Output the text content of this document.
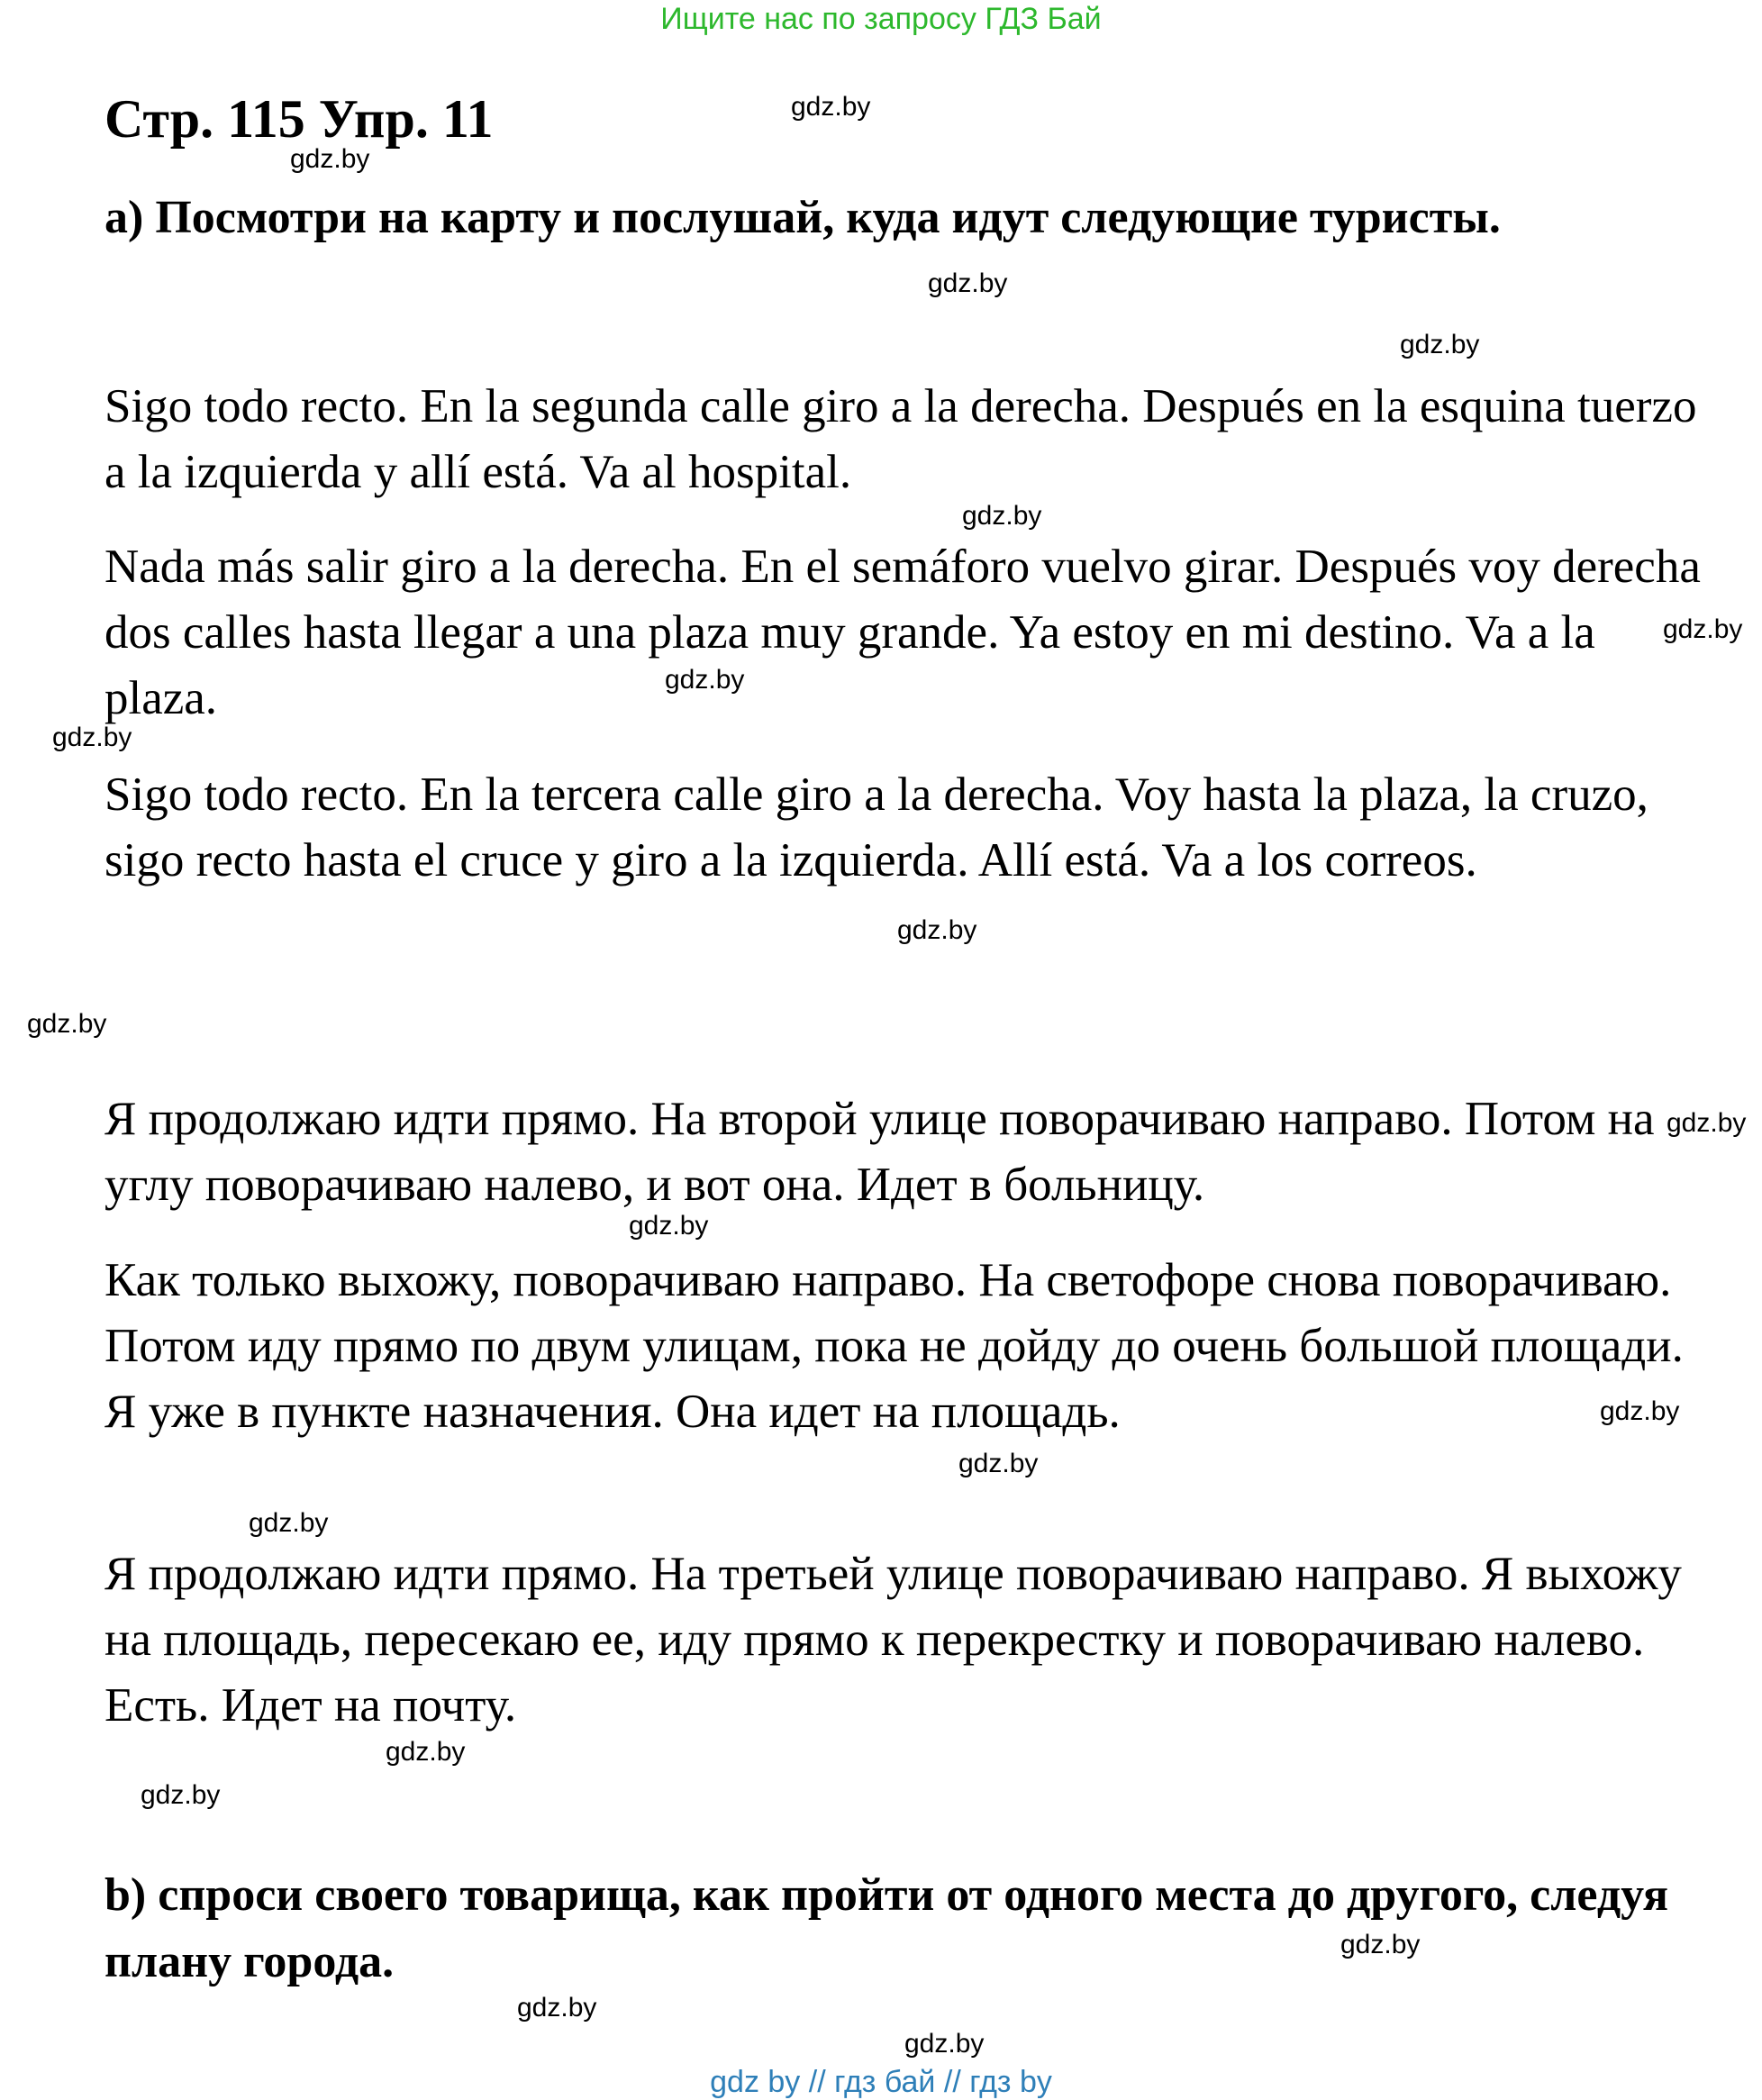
Ищите нас по запросу ГДЗ Бай
Стр. 115 Упр. 11

a) Посмотри на карту и послушай, куда идут следующие туристы.

Sigo todo recto. En la segunda calle giro a la derecha. Después en la esquina tuerzo a la izquierda y allí está. Va al hospital.

Nada más salir giro a la derecha. En el semáforo vuelvo girar. Después voy derecha dos calles hasta llegar a una plaza muy grande. Ya estoy en mi destino. Va a la plaza.

Sigo todo recto. En la tercera calle giro a la derecha. Voy hasta la plaza, la cruzo, sigo recto hasta el cruce y giro a la izquierda. Allí está. Va a los correos.

Я продолжаю идти прямо. На второй улице поворачиваю направо. Потом на углу поворачиваю налево, и вот она. Идет в больницу.

Как только выхожу, поворачиваю направо. На светофоре снова поворачиваю. Потом иду прямо по двум улицам, пока не дойду до очень большой площади. Я уже в пункте назначения. Она идет на площадь.

Я продолжаю идти прямо. На третьей улице поворачиваю направо. Я выхожу на площадь, пересекаю ее, иду прямо к перекрестку и поворачиваю налево. Есть. Идет на почту.

b) спроси своего товарища, как пройти от одного места до другого, следуя плану города.

gdz.by
gdz.by
gdz.by
gdz.by
gdz.by
gdz.by
gdz.by
gdz.by
gdz.by
gdz.by
gdz.by
gdz.by
gdz.by
gdz.by
gdz.by
gdz.by
gdz.by
gdz.by
gdz.by
gdz.by
gdz by // гдз бай // гдз by
